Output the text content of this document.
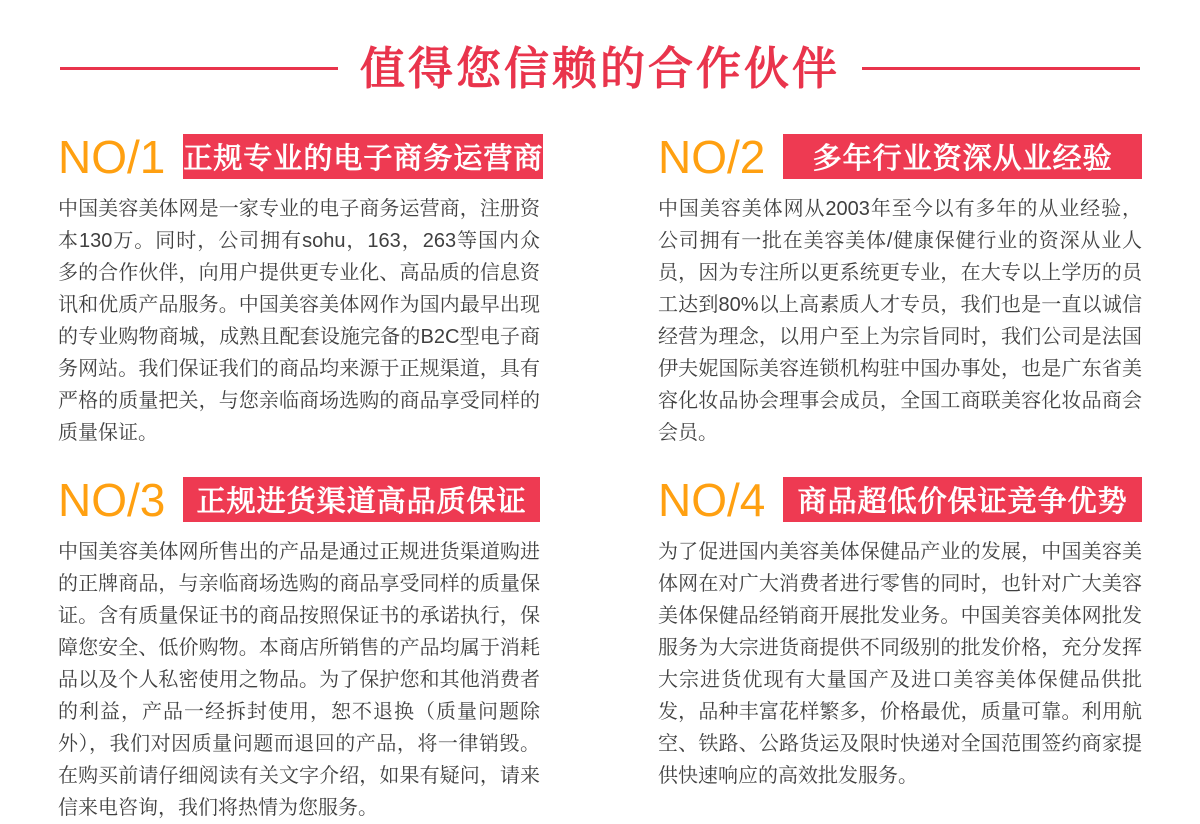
值得您信赖的合作伙伴
NO/1 正规专业的电子商务运营商
中国美容美体网是一家专业的电子商务运营商，注册资本130万。同时，公司拥有sohu，163，263等国内众多的合作伙伴，向用户提供更专业化、高品质的信息资讯和优质产品服务。中国美容美体网作为国内最早出现的专业购物商城，成熟且配套设施完备的B2C型电子商务网站。我们保证我们的商品均来源于正规渠道，具有严格的质量把关，与您亲临商场选购的商品享受同样的质量保证。
NO/2	多年行业资深从业经验
中国美容美体网从2003年至今以有多年的从业经验，公司拥有一批在美容美体/健康保健行业的资深从业人员，因为专注所以更系统更专业，在大专以上学历的员工达到80%以上高素质人才专员，我们也是一直以诚信经营为理念，以用户至上为宗旨同时，我们公司是法国伊夫妮国际美容连锁机构驻中国办事处，也是广东省美容化妆品协会理事会成员，全国工商联美容化妆品商会会员。
NO/3	正规进货渠道高品质保证
中国美容美体网所售出的产品是通过正规进货渠道购进的正牌商品，与亲临商场选购的商品享受同样的质量保证。含有质量保证书的商品按照保证书的承诺执行，保障您安全、低价购物。本商店所销售的产品均属于消耗品以及个人私密使用之物品。为了保护您和其他消费者的利益，产品一经拆封使用，恕不退换（质量问题除外），我们对因质量问题而退回的产品，将一律销毁。在购买前请仔细阅读有关文字介绍，如果有疑问，请来信来电咨询，我们将热情为您服务。
NO/4	商品超低价保证竞争优势
为了促进国内美容美体保健品产业的发展，中国美容美体网在对广大消费者进行零售的同时，也针对广大美容美体保健品经销商开展批发业务。中国美容美体网批发服务为大宗进货商提供不同级别的批发价格，充分发挥大宗进货优现有大量国产及进口美容美体保健品供批发，品种丰富花样繁多，价格最优，质量可靠。利用航空、铁路、公路货运及限时快递对全国范围签约商家提供快速响应的高效批发服务。
